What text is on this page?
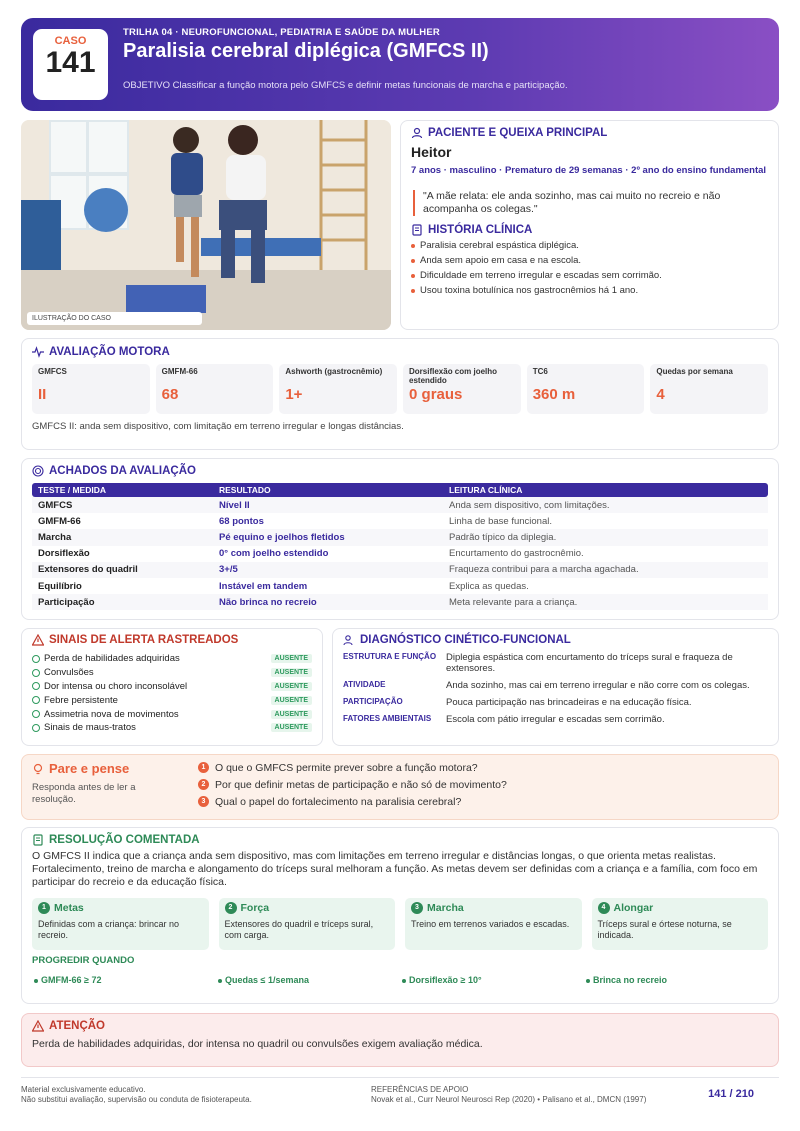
CASO
141
TRILHA 04 · NEUROFUNCIONAL, PEDIATRIA E SAÚDE DA MULHER
Paralisia cerebral diplégica (GMFCS II)
OBJETIVO Classificar a função motora pelo GMFCS e definir metas funcionais de marcha e participação.
ILUSTRAÇÃO DO CASO
PACIENTE E QUEIXA PRINCIPAL
Heitor
7 anos · masculino · Prematuro de 29 semanas · 2º ano do ensino fundamental
"A mãe relata: ele anda sozinho, mas cai muito no recreio e não acompanha os colegas."
HISTÓRIA CLÍNICA
Paralisia cerebral espástica diplégica.
Anda sem apoio em casa e na escola.
Dificuldade em terreno irregular e escadas sem corrimão.
Usou toxina botulínica nos gastrocnêmios há 1 ano.
AVALIAÇÃO MOTORA
GMFCS
II
GMFM-66
68
Ashworth (gastrocnêmio)
1+
Dorsiflexão com joelho estendido
0 graus
TC6
360 m
Quedas por semana
4
GMFCS II: anda sem dispositivo, com limitação em terreno irregular e longas distâncias.
ACHADOS DA AVALIAÇÃO
TESTE / MEDIDA	RESULTADO	LEITURA CLÍNICA
GMFCS	Nível II	Anda sem dispositivo, com limitações.
GMFM-66	68 pontos	Linha de base funcional.
Marcha	Pé equino e joelhos fletidos	Padrão típico da diplegia.
Dorsiflexão	0° com joelho estendido	Encurtamento do gastrocnêmio.
Extensores do quadril	3+/5	Fraqueza contribui para a marcha agachada.
Equilíbrio	Instável em tandem	Explica as quedas.
Participação	Não brinca no recreio	Meta relevante para a criança.
SINAIS DE ALERTA RASTREADOS
Perda de habilidades adquiridas	AUSENTE
Convulsões	AUSENTE
Dor intensa ou choro inconsolável	AUSENTE
Febre persistente	AUSENTE
Assimetria nova de movimentos	AUSENTE
Sinais de maus-tratos	AUSENTE
DIAGNÓSTICO CINÉTICO-FUNCIONAL
ESTRUTURA E FUNÇÃO	Diplegia espástica com encurtamento do tríceps sural e fraqueza de extensores.
ATIVIDADE	Anda sozinho, mas cai em terreno irregular e não corre com os colegas.
PARTICIPAÇÃO	Pouca participação nas brincadeiras e na educação física.
FATORES AMBIENTAIS	Escola com pátio irregular e escadas sem corrimão.
Pare e pense
Responda antes de ler a resolução.
1 O que o GMFCS permite prever sobre a função motora?
2 Por que definir metas de participação e não só de movimento?
3 Qual o papel do fortalecimento na paralisia cerebral?
RESOLUÇÃO COMENTADA
O GMFCS II indica que a criança anda sem dispositivo, mas com limitações em terreno irregular e distâncias longas, o que orienta metas realistas. Fortalecimento, treino de marcha e alongamento do tríceps sural melhoram a função. As metas devem ser definidas com a criança e a família, com foco em participar do recreio e da educação física.
1 Metas
Definidas com a criança: brincar no recreio.
2 Força
Extensores do quadril e tríceps sural, com carga.
3 Marcha
Treino em terrenos variados e escadas.
4 Alongar
Tríceps sural e órtese noturna, se indicada.
PROGREDIR QUANDO
GMFM-66 ≥ 72	Quedas ≤ 1/semana	Dorsiflexão ≥ 10°	Brinca no recreio
ATENÇÃO
Perda de habilidades adquiridas, dor intensa no quadril ou convulsões exigem avaliação médica.
Material exclusivamente educativo.
Não substitui avaliação, supervisão ou conduta de fisioterapeuta.
REFERÊNCIAS DE APOIO
Novak et al., Curr Neurol Neurosci Rep (2020) • Palisano et al., DMCN (1997)	141 / 210
